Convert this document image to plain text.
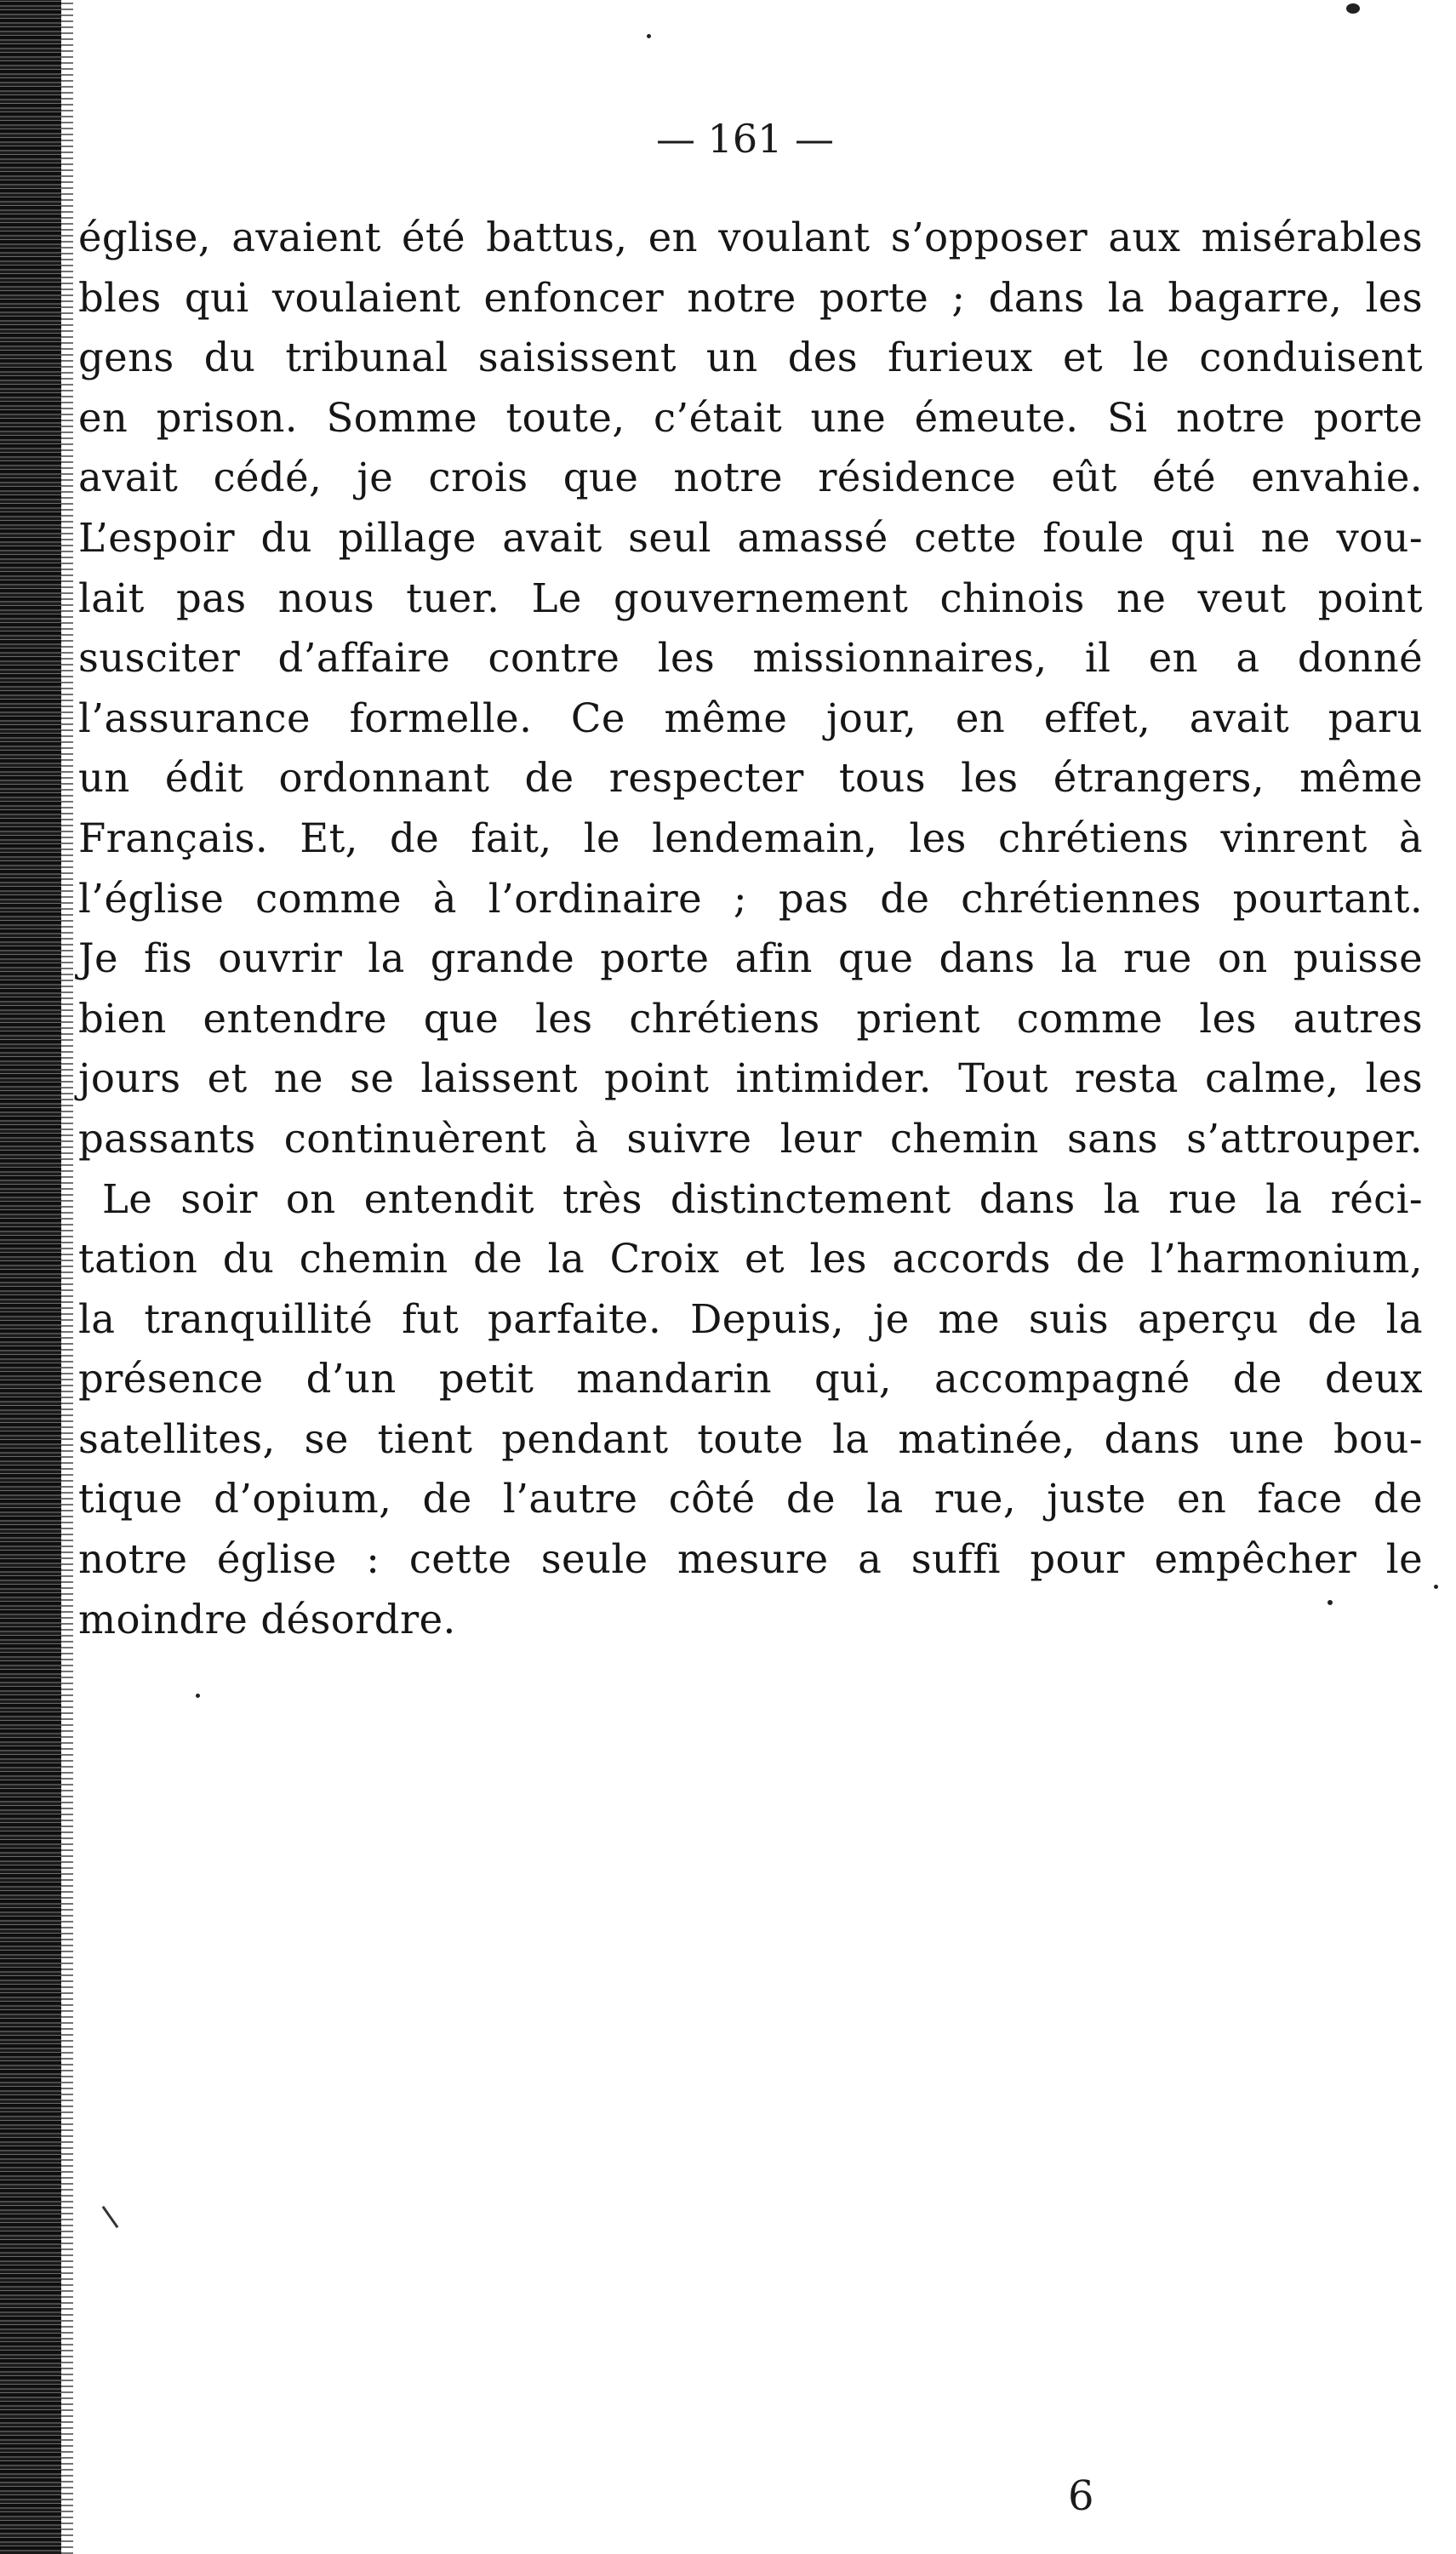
— 161 —
église, avaient été battus, en voulant s’opposer aux misérables
bles qui voulaient enfoncer notre porte ; dans la bagarre, les
gens du tribunal saisissent un des furieux et le conduisent
en prison. Somme toute, c’était une émeute. Si notre porte
avait cédé, je crois que notre résidence eût été envahie.
L’espoir du pillage avait seul amassé cette foule qui ne vou-
lait pas nous tuer. Le gouvernement chinois ne veut point
susciter d’affaire contre les missionnaires, il en a donné
l’assurance formelle. Ce même jour, en effet, avait paru
un édit ordonnant de respecter tous les étrangers, même
Français. Et, de fait, le lendemain, les chrétiens vinrent à
l’église comme à l’ordinaire ; pas de chrétiennes pourtant.
Je fis ouvrir la grande porte afin que dans la rue on puisse
bien entendre que les chrétiens prient comme les autres
jours et ne se laissent point intimider. Tout resta calme, les
passants continuèrent à suivre leur chemin sans s’attrouper.
Le soir on entendit très distinctement dans la rue la réci-
tation du chemin de la Croix et les accords de l’harmonium,
la tranquillité fut parfaite. Depuis, je me suis aperçu de la
présence d’un petit mandarin qui, accompagné de deux
satellites, se tient pendant toute la matinée, dans une bou-
tique d’opium, de l’autre côté de la rue, juste en face de
notre église : cette seule mesure a suffi pour empêcher le
moindre désordre.
6
